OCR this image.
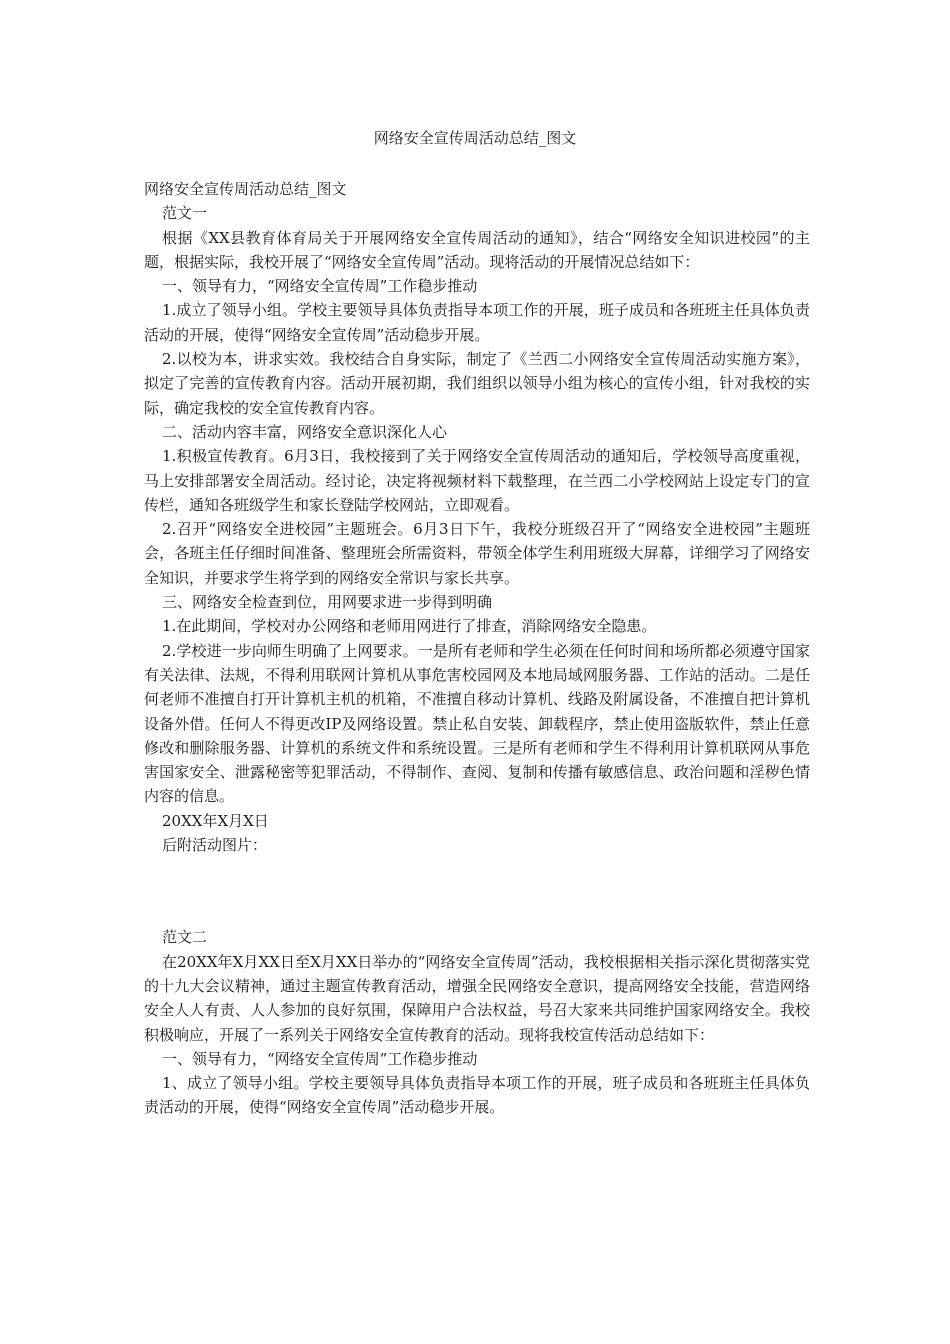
网络安全宣传周活动总结_图文

网络安全宣传周活动总结_图文

范文一

根据《XX县教育体育局关于开展网络安全宣传周活动的通知》，结合“网络安全知识进校园”的主题，根据实际，我校开展了“网络安全宣传周”活动。现将活动的开展情况总结如下：

一、领导有力，“网络安全宣传周”工作稳步推动

1.成立了领导小组。学校主要领导具体负责指导本项工作的开展，班子成员和各班班主任具体负责活动的开展，使得“网络安全宣传周”活动稳步开展。

2.以校为本，讲求实效。我校结合自身实际，制定了《兰西二小网络安全宣传周活动实施方案》，拟定了完善的宣传教育内容。活动开展初期，我们组织以领导小组为核心的宣传小组，针对我校的实际，确定我校的安全宣传教育内容。

二、活动内容丰富，网络安全意识深化人心

1.积极宣传教育。6月3日，我校接到了关于网络安全宣传周活动的通知后，学校领导高度重视，马上安排部署安全周活动。经讨论，决定将视频材料下载整理，在兰西二小学校网站上设定专门的宣传栏，通知各班级学生和家长登陆学校网站，立即观看。

2.召开“网络安全进校园”主题班会。6月3日下午，我校分班级召开了“网络安全进校园”主题班会，各班主任仔细时间准备、整理班会所需资料，带领全体学生利用班级大屏幕，详细学习了网络安全知识，并要求学生将学到的网络安全常识与家长共享。

三、网络安全检查到位，用网要求进一步得到明确

1.在此期间，学校对办公网络和老师用网进行了排查，消除网络安全隐患。

2.学校进一步向师生明确了上网要求。一是所有老师和学生必须在任何时间和场所都必须遵守国家有关法律、法规，不得利用联网计算机从事危害校园网及本地局域网服务器、工作站的活动。二是任何老师不准擅自打开计算机主机的机箱，不准擅自移动计算机、线路及附属设备，不准擅自把计算机设备外借。任何人不得更改IP及网络设置。禁止私自安装、卸载程序，禁止使用盗版软件，禁止任意修改和删除服务器、计算机的系统文件和系统设置。三是所有老师和学生不得利用计算机联网从事危害国家安全、泄露秘密等犯罪活动，不得制作、查阅、复制和传播有敏感信息、政治问题和淫秽色情内容的信息。

20XX年X月X日

后附活动图片：

范文二

在20XX年X月XX日至X月XX日举办的“网络安全宣传周”活动，我校根据相关指示深化贯彻落实党的十九大会议精神，通过主题宣传教育活动，增强全民网络安全意识，提高网络安全技能，营造网络安全人人有责、人人参加的良好氛围，保障用户合法权益，号召大家来共同维护国家网络安全。我校积极响应，开展了一系列关于网络安全宣传教育的活动。现将我校宣传活动总结如下：

一、领导有力，“网络安全宣传周”工作稳步推动

1、成立了领导小组。学校主要领导具体负责指导本项工作的开展，班子成员和各班班主任具体负责活动的开展，使得“网络安全宣传周”活动稳步开展。
